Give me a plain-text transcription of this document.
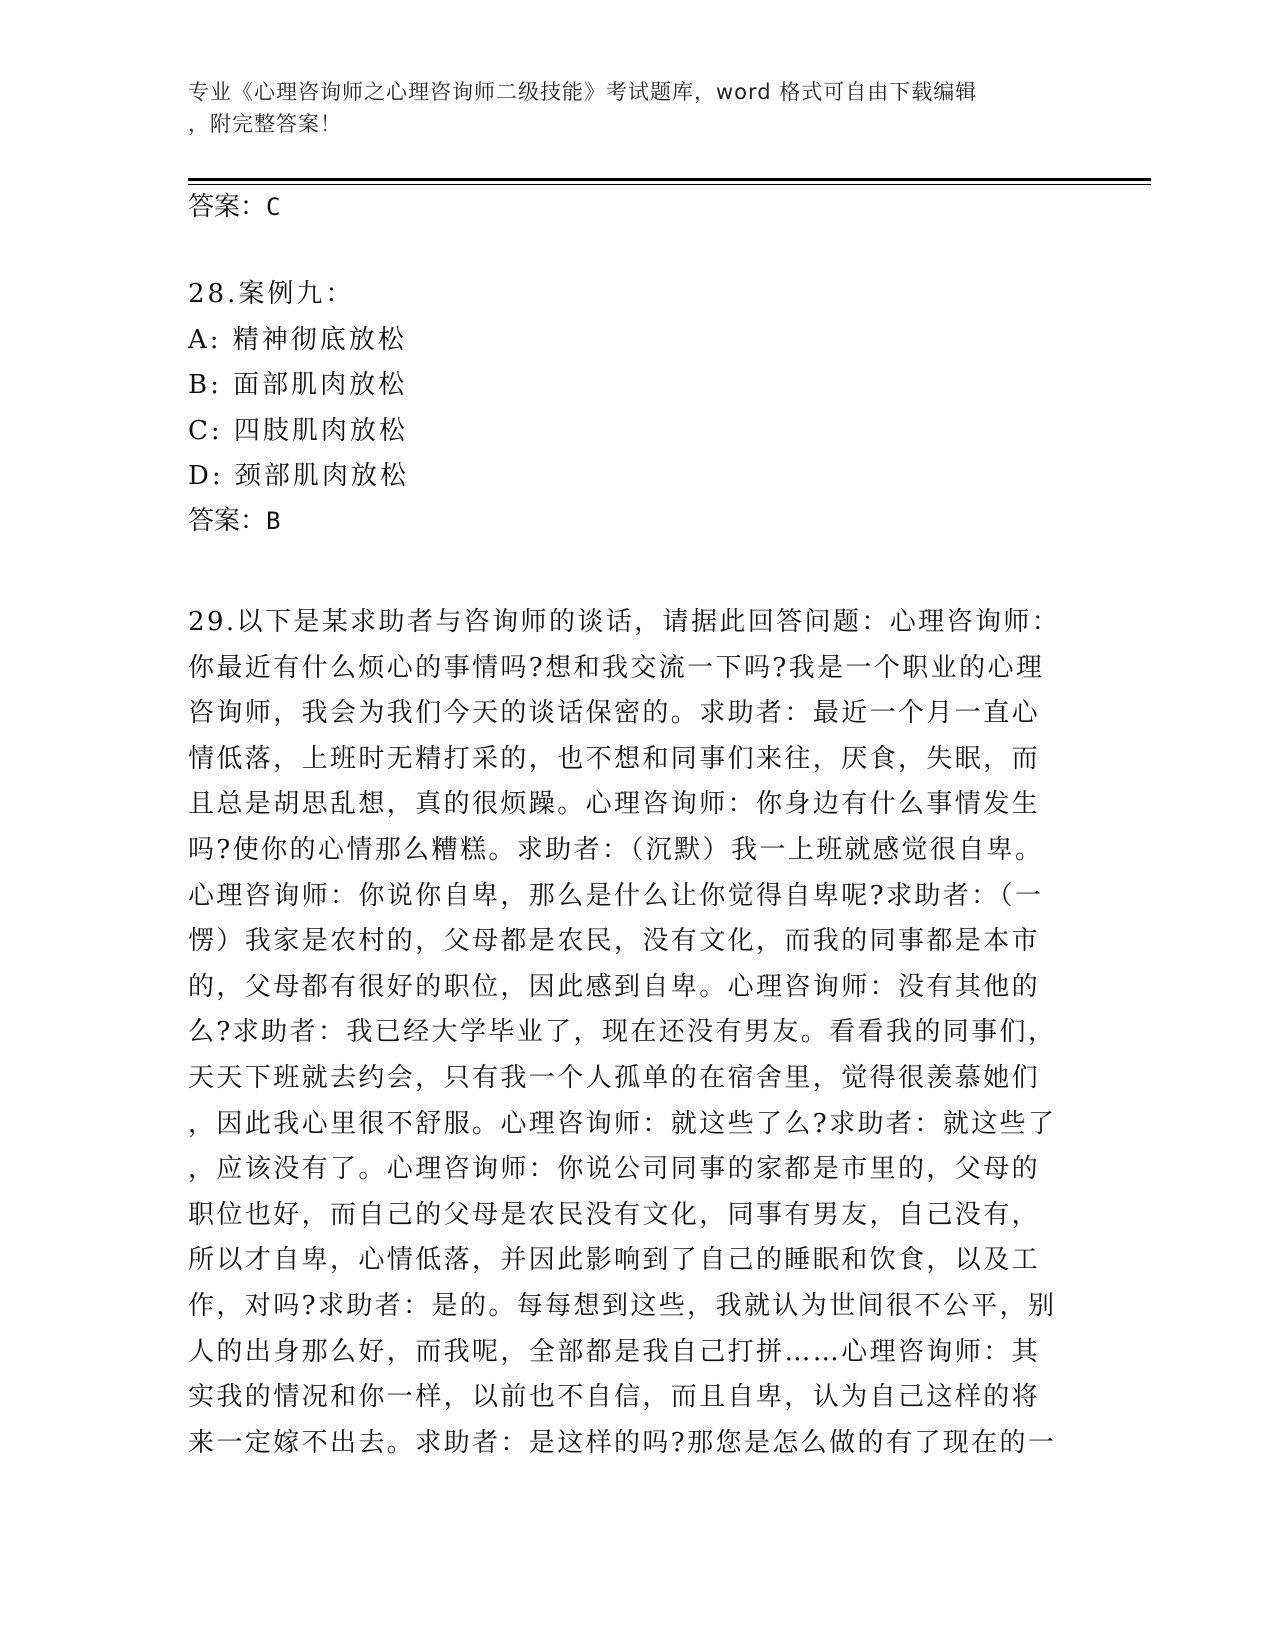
专业《心理咨询师之心理咨询师二级技能》考试题库，word 格式可自由下载编辑
，附完整答案！
答案：C
28.案例九：
A: 精神彻底放松
B: 面部肌肉放松
C: 四肢肌肉放松
D: 颈部肌肉放松
答案：B
29.以下是某求助者与咨询师的谈话，请据此回答问题：心理咨询师：
你最近有什么烦心的事情吗?想和我交流一下吗?我是一个职业的心理
咨询师，我会为我们今天的谈话保密的。求助者：最近一个月一直心
情低落，上班时无精打采的，也不想和同事们来往，厌食，失眠，而
且总是胡思乱想，真的很烦躁。心理咨询师：你身边有什么事情发生
吗?使你的心情那么糟糕。求助者：（沉默）我一上班就感觉很自卑。
心理咨询师：你说你自卑，那么是什么让你觉得自卑呢?求助者：（一
愣）我家是农村的，父母都是农民，没有文化，而我的同事都是本市
的，父母都有很好的职位，因此感到自卑。心理咨询师：没有其他的
么?求助者：我已经大学毕业了，现在还没有男友。看看我的同事们，
天天下班就去约会，只有我一个人孤单的在宿舍里，觉得很羡慕她们
，因此我心里很不舒服。心理咨询师：就这些了么?求助者：就这些了
，应该没有了。心理咨询师：你说公司同事的家都是市里的，父母的
职位也好，而自己的父母是农民没有文化，同事有男友，自己没有，
所以才自卑，心情低落，并因此影响到了自己的睡眠和饮食，以及工
作，对吗?求助者：是的。每每想到这些，我就认为世间很不公平，别
人的出身那么好，而我呢，全部都是我自己打拼……心理咨询师：其
实我的情况和你一样，以前也不自信，而且自卑，认为自己这样的将
来一定嫁不出去。求助者：是这样的吗?那您是怎么做的有了现在的一
